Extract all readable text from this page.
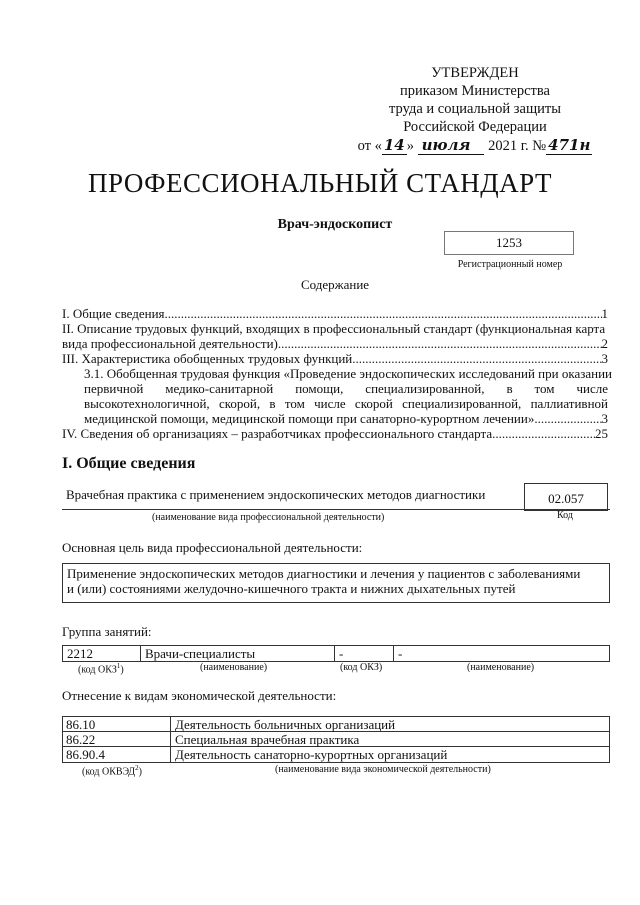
УТВЕРЖДЕН
приказом Министерства
труда и социальной защиты
Российской Федерации
от « 14 » июля 2021 г. № 471н
ПРОФЕССИОНАЛЬНЫЙ СТАНДАРТ
Врач-эндоскопист
1253
Регистрационный номер
Содержание
I. Общие сведения .....	1
II. Описание трудовых функций, входящих в профессиональный стандарт (функциональная карта
вида профессиональной деятельности) .....	2
III. Характеристика обобщенных трудовых функций .....	3
3.1. Обобщенная трудовая функция «Проведение эндоскопических исследований при оказании
первичной медико-санитарной помощи, специализированной, в том числе
высокотехнологичной, скорой, в том числе скорой специализированной, паллиативной
медицинской помощи, медицинской помощи при санаторно-курортном лечении» .....	3
IV. Сведения об организациях – разработчиках профессионального стандарта .....	25
I. Общие сведения
Врачебная практика с применением эндоскопических методов диагностики	02.057
(наименование вида профессиональной деятельности)	Код
Основная цель вида профессиональной деятельности:
Применение эндоскопических методов диагностики и лечения у пациентов с заболеваниями
и (или) состояниями желудочно-кишечного тракта и нижних дыхательных путей
Группа занятий:
2212	Врачи-специалисты	-	-
(код ОКЗ$^1$)	(наименование)	(код ОКЗ)	(наименование)
Отнесение к видам экономической деятельности:
86.10	Деятельность больничных организаций
86.22	Специальная врачебная практика
86.90.4	Деятельность санаторно-курортных организаций
(код ОКВЭД$^2$)	(наименование вида экономической деятельности)
